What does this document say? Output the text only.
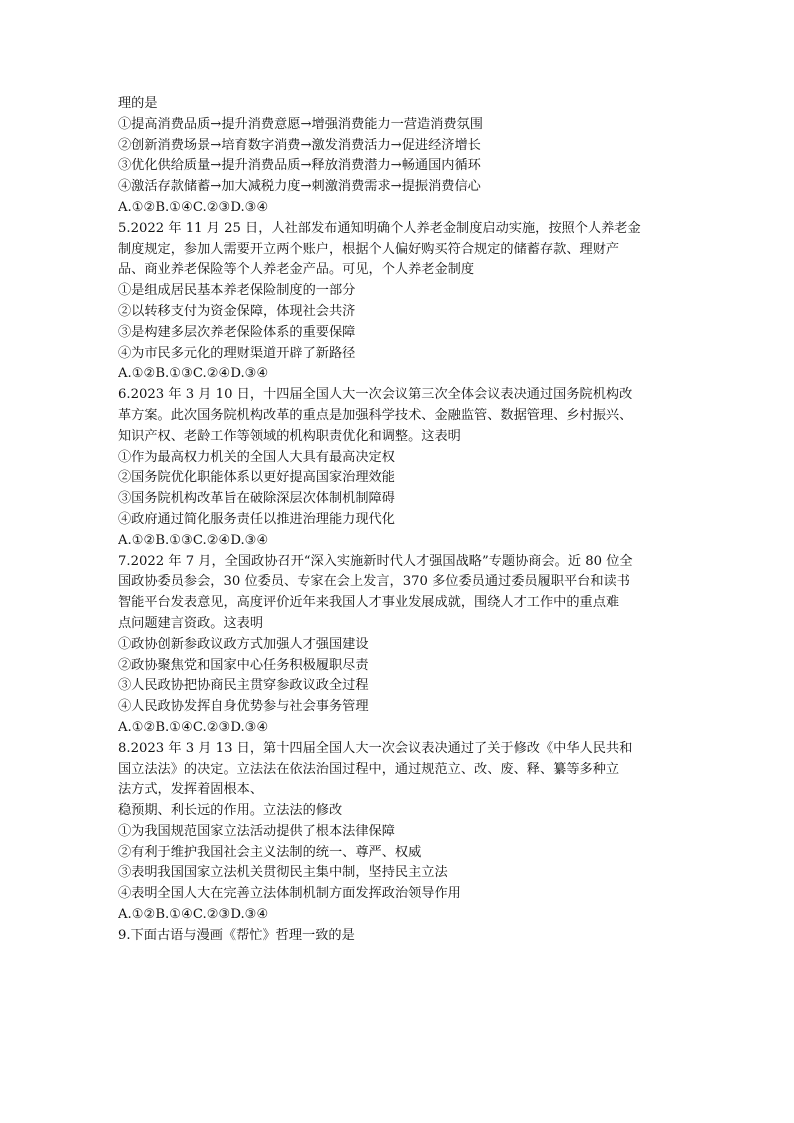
理的是
①提高消费品质→提升消费意愿→增强消费能力一营造消费氛围
②创新消费场景→培育数字消费→激发消费活力→促进经济增长
③优化供给质量→提升消费品质→释放消费潜力→畅通国内循环
④激活存款储蓄→加大减税力度→刺激消费需求→提振消费信心
A.①②B.①④C.②③D.③④
5.2022 年 11 月 25 日，人社部发布通知明确个人养老金制度启动实施，按照个人养老金
制度规定，参加人需要开立两个账户，根据个人偏好购买符合规定的储蓄存款、理财产
品、商业养老保险等个人养老金产品。可见，个人养老金制度
①是组成居民基本养老保险制度的一部分
②以转移支付为资金保障，体现社会共济
③是构建多层次养老保险体系的重要保障
④为市民多元化的理财渠道开辟了新路径
A.①②B.①③C.②④D.③④
6.2023 年 3 月 10 日，十四届全国人大一次会议第三次全体会议表决通过国务院机构改
革方案。此次国务院机构改革的重点是加强科学技术、金融监管、数据管理、乡村振兴、
知识产权、老龄工作等领域的机构职责优化和调整。这表明
①作为最高权力机关的全国人大具有最高决定权
②国务院优化职能体系以更好提高国家治理效能
③国务院机构改革旨在破除深层次体制机制障碍
④政府通过简化服务责任以推进治理能力现代化
A.①②B.①③C.②④D.③④
7.2022 年 7 月，全国政协召开“深入实施新时代人才强国战略”专题协商会。近 80 位全
国政协委员参会，30 位委员、专家在会上发言，370 多位委员通过委员履职平台和读书
智能平台发表意见，高度评价近年来我国人才事业发展成就，围绕人才工作中的重点难
点问题建言资政。这表明
①政协创新参政议政方式加强人才强国建设
②政协聚焦党和国家中心任务积极履职尽责
③人民政协把协商民主贯穿参政议政全过程
④人民政协发挥自身优势参与社会事务管理
A.①②B.①④C.②③D.③④
8.2023 年 3 月 13 日，第十四届全国人大一次会议表决通过了关于修改《中华人民共和
国立法法》的决定。立法法在依法治国过程中，通过规范立、改、废、释、纂等多种立
法方式，发挥着固根本、
稳预期、利长远的作用。立法法的修改
①为我国规范国家立法活动提供了根本法律保障
②有利于维护我国社会主义法制的统一、尊严、权威
③表明我国国家立法机关贯彻民主集中制，坚持民主立法
④表明全国人大在完善立法体制机制方面发挥政治领导作用
A.①②B.①④C.②③D.③④
9.下面古语与漫画《帮忙》哲理一致的是
